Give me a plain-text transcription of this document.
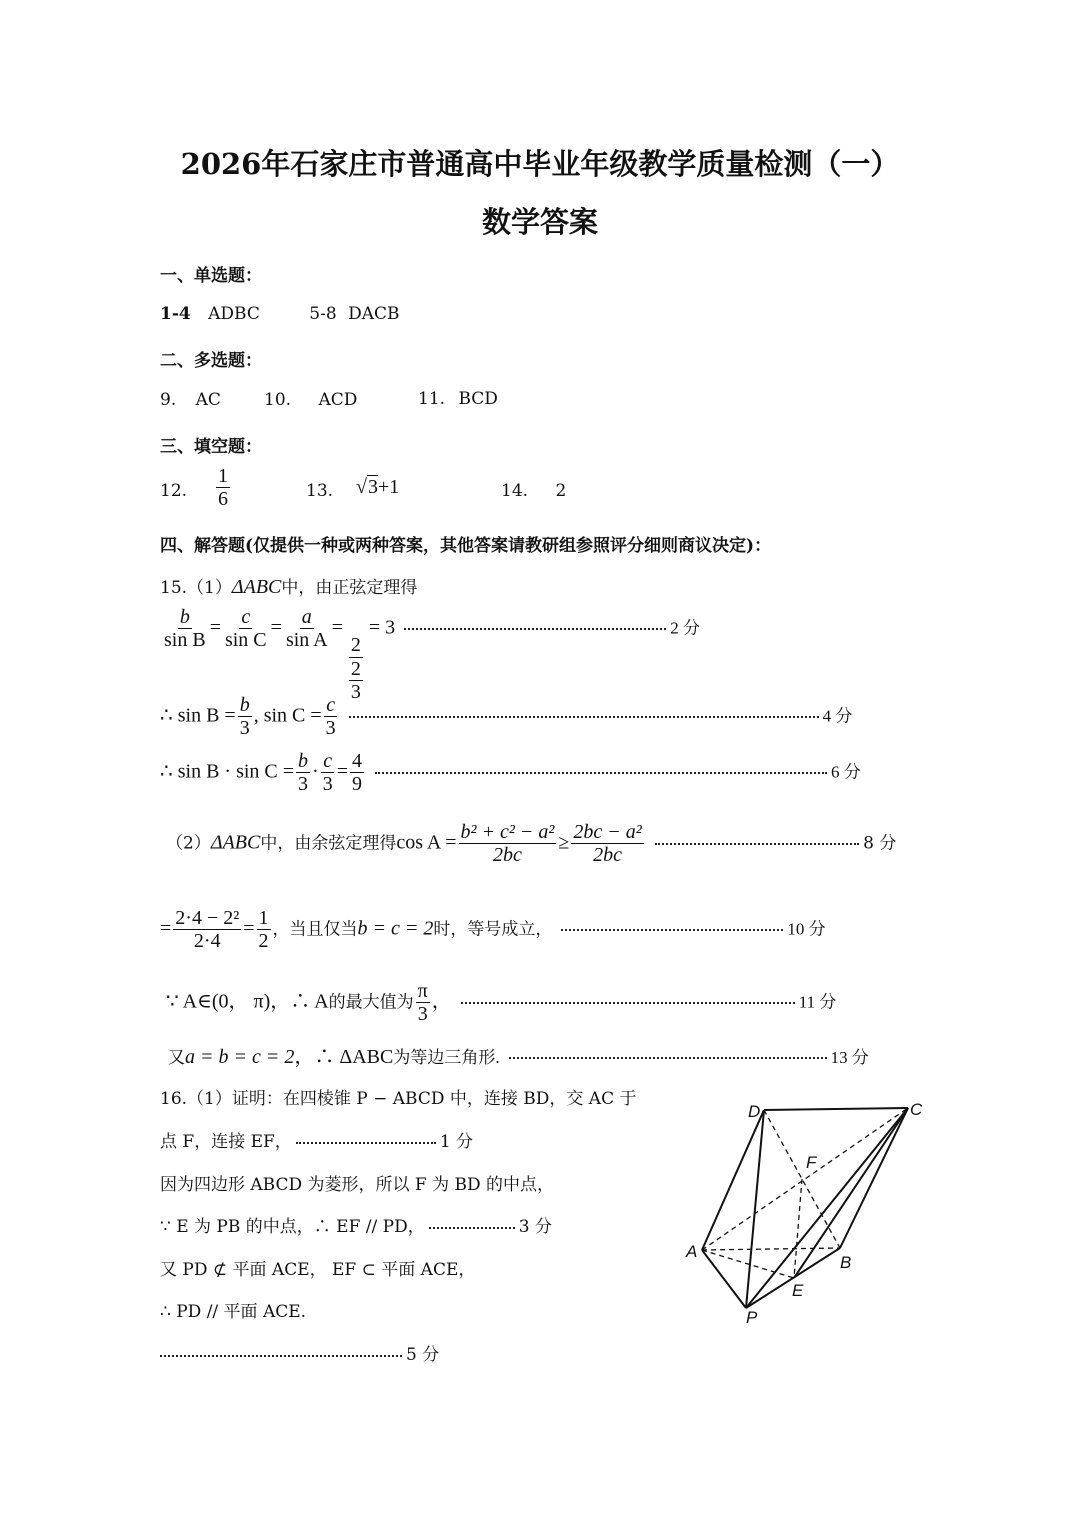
2026年石家庄市普通高中毕业年级教学质量检测（一）
数学答案
一、单选题：
1-4 ADBC	5-8 DACB
二、多选题：
9. AC	10. ACD	11. BCD
三、填空题：
12. $\frac{1}{6}$	13. √3+1	14. 2
四、解答题(仅提供一种或两种答案，其他答案请教研组参照评分细则商议决定)：
15.（1）ΔABC中，由正弦定理得
$\frac{b}{\text{sin B}} = \frac{c}{\text{sin C}} = \frac{a}{\text{sin A}}$ =
$\frac{2}{\frac{2}{3}}$
= 3	2 分
∴ $\sin B = \frac{b}{3}$ , $\sin C = \frac{c}{3}$	4 分
∴ $\sin B \cdot \sin C = \frac{b}{3} \cdot \frac{c}{3} = \frac{4}{9}$	6 分
（2）ΔABC中，由余弦定理得$\cos A = \frac{\text{b² + c² − a²}}{2bc} \ge \frac{\text{2bc − a²}}{2bc}$	8 分
= $\frac{\text{2·4 − 2²}}{2\cdot 4} = \frac{1}{2}$ ，当且仅当b = c = 2时，等号成立，	10 分
∵ A∈(0， π)，∴ A的最大值为 $\frac{\pi}{3}$ ，	11 分
又a = b = c = 2，∴ ΔABC为等边三角形.	13 分
16.（1）证明：在四棱锥 P − ABCD 中，连接 BD，交 AC 于
点 F，连接 EF，	1 分
因为四边形 ABCD 为菱形，所以 F 为 BD 的中点，
∵ E 为 PB 的中点，∴ EF // PD，	3 分
又 PD ⊄ 平面 ACE， EF ⊂ 平面 ACE，
∴ PD // 平面 ACE.
5 分
D	C
F
A
B
E
P
